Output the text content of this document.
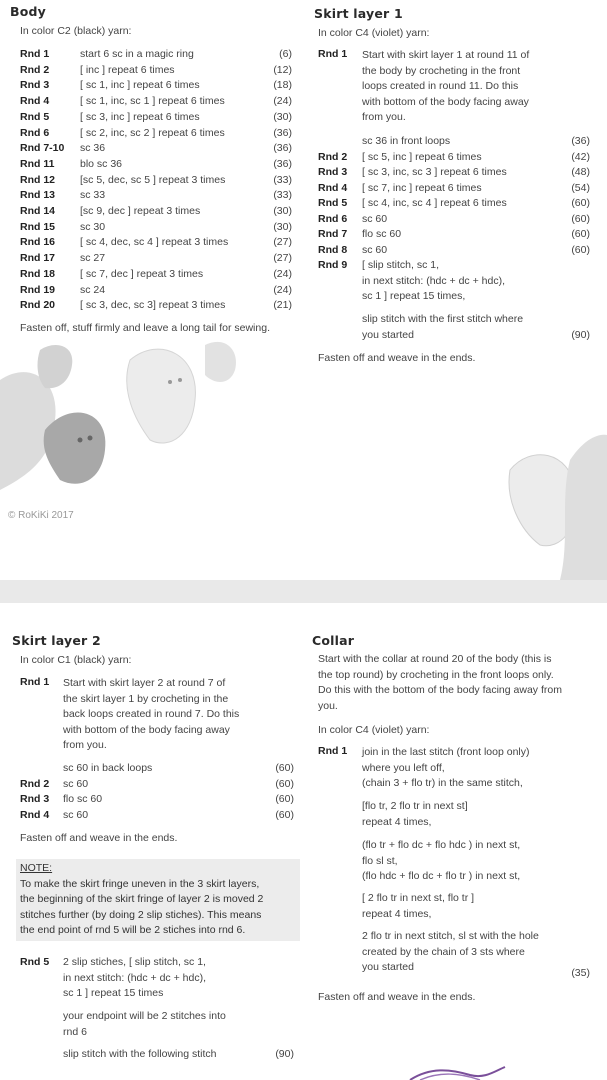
Body
In color C2 (black) yarn:
Rnd 1	start 6 sc in a magic ring	(6)
Rnd 2	[ inc ] repeat 6 times	(12)
Rnd 3	[ sc 1, inc ] repeat 6 times	(18)
Rnd 4	[ sc 1, inc, sc 1 ] repeat 6 times	(24)
Rnd 5	[ sc 3, inc ] repeat 6 times	(30)
Rnd 6	[ sc 2, inc, sc 2 ] repeat 6 times	(36)
Rnd 7-10 sc 36	(36)
Rnd 11 blo sc 36	(36)
Rnd 12 [sc 5, dec, sc 5 ] repeat 3 times	(33)
Rnd 13 sc 33	(33)
Rnd 14 [sc 9, dec ] repeat 3 times	(30)
Rnd 15 sc 30	(30)
Rnd 16 [ sc 4, dec, sc 4 ] repeat 3 times	(27)
Rnd 17 sc 27	(27)
Rnd 18 [ sc 7, dec ] repeat 3 times	(24)
Rnd 19 sc 24	(24)
Rnd 20 [ sc 3, dec, sc 3] repeat 3 times	(21)
Fasten off, stuff firmly and leave a long tail for sewing.
Skirt layer 1
In color C4 (violet) yarn:
Rnd 1 Start with skirt layer 1 at round 11 of
the body by crocheting in the front
loops created in round 11. Do this
with bottom of the body facing away
from you.
sc 36 in front loops	(36)
Rnd 2 [ sc 5, inc ] repeat 6 times	(42)
Rnd 3 [ sc 3, inc, sc 3 ] repeat 6 times	(48)
Rnd 4 [ sc 7, inc ] repeat 6 times	(54)
Rnd 5 [ sc 4, inc, sc 4 ] repeat 6 times	(60)
Rnd 6 sc 60	(60)
Rnd 7 flo sc 60	(60)
Rnd 8 sc 60	(60)
Rnd 9 [ slip stitch, sc 1,
in next stitch: (hdc + dc + hdc),
sc 1 ] repeat 15 times,
slip stitch with the first stitch where
you started	(90)
Fasten off and weave in the ends.
© RoKiKi 2017
Skirt layer 2
In color C1 (black) yarn:
Rnd 1 Start with skirt layer 2 at round 7 of
the skirt layer 1 by crocheting in the
back loops created in round 7. Do this
with bottom of the body facing away
from you.
sc 60 in back loops	(60)
Rnd 2 sc 60	(60)
Rnd 3 flo sc 60	(60)
Rnd 4 sc 60	(60)
Fasten off and weave in the ends.
NOTE:
To make the skirt fringe uneven in the 3 skirt layers,
the beginning of the skirt fringe of layer 2 is moved 2
stitches further (by doing 2 slip stiches). This means
the end point of rnd 5 will be 2 stiches into rnd 6.
Rnd 5 2 slip stiches, [ slip stitch, sc 1,
in next stitch: (hdc + dc + hdc),
sc 1 ] repeat 15 times
your endpoint will be 2 stitches into
rnd 6
slip stitch with the following stitch	(90)
Collar
Start with the collar at round 20 of the body (this is
the top round) by crocheting in the front loops only.
Do this with the bottom of the body facing away from
you.
In color C4 (violet) yarn:
Rnd 1 join in the last stitch (front loop only)
where you left off,
(chain 3 + flo tr) in the same stitch,
[flo tr, 2 flo tr in next st]
repeat 4 times,
(flo tr + flo dc + flo hdc ) in next st,
flo sl st,
(flo hdc + flo dc + flo tr ) in next st,
[ 2 flo tr in next st, flo tr ]
repeat 4 times,
2 flo tr in next stitch, sl st with the hole
created by the chain of 3 sts where
you started	(35)
Fasten off and weave in the ends.
